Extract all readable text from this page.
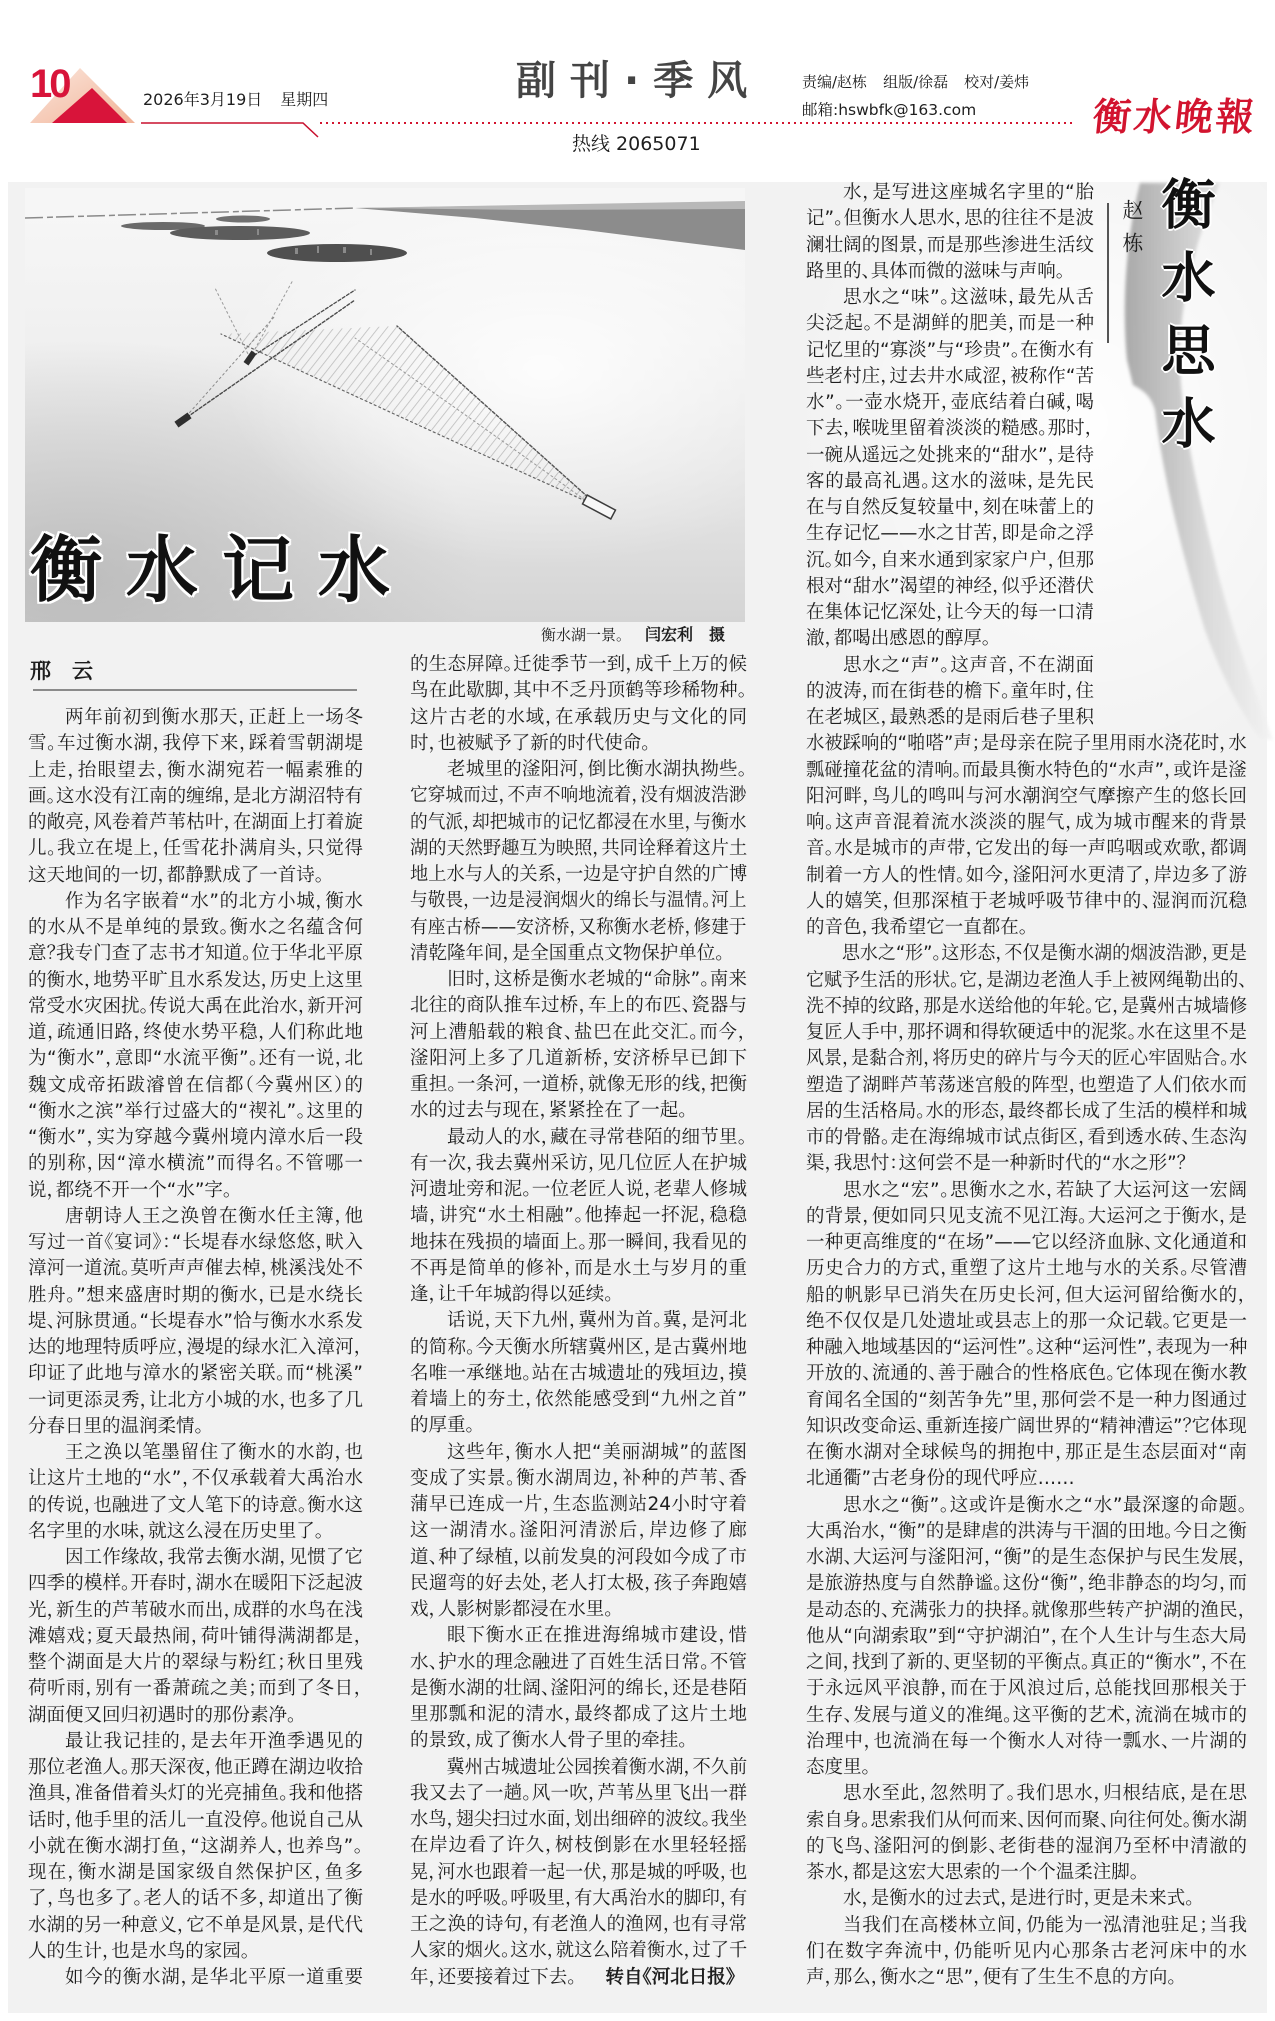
10	2026年3月19日 星期四	副刊·季风
热线 2065071
责编/赵栋 组版/徐磊 校对/姜炜
邮箱:hswbfk@163.com	衡水晚報
衡水记水
衡水湖一景。 闫宏利　摄
邢　云
两年前初到衡水那天，正赶上一场冬
雪。车过衡水湖，我停下来，踩着雪朝湖堤
上走，抬眼望去，衡水湖宛若一幅素雅的
画。这水没有江南的缠绵，是北方湖沼特有
的敞亮，风卷着芦苇枯叶，在湖面上打着旋
儿。我立在堤上，任雪花扑满肩头，只觉得
这天地间的一切，都静默成了一首诗。
作为名字嵌着“水”的北方小城，衡水
的水从不是单纯的景致。衡水之名蕴含何
意？我专门查了志书才知道。位于华北平原
的衡水，地势平旷且水系发达，历史上这里
常受水灾困扰。传说大禹在此治水，新开河
道，疏通旧路，终使水势平稳，人们称此地
为“衡水”，意即“水流平衡”。还有一说，北
魏文成帝拓跋濬曾在信都（今冀州区）的
“衡水之滨”举行过盛大的“禊礼”。这里的
“衡水”，实为穿越今冀州境内漳水后一段
的别称，因“漳水横流”而得名。不管哪一
说，都绕不开一个“水”字。
唐朝诗人王之涣曾在衡水任主簿，他
写过一首《宴词》：“长堤春水绿悠悠，畎入
漳河一道流。莫听声声催去棹，桃溪浅处不
胜舟。”想来盛唐时期的衡水，已是水绕长
堤、河脉贯通。“长堤春水”恰与衡水水系发
达的地理特质呼应，漫堤的绿水汇入漳河，
印证了此地与漳水的紧密关联。而“桃溪”
一词更添灵秀，让北方小城的水，也多了几
分春日里的温润柔情。
王之涣以笔墨留住了衡水的水韵，也
让这片土地的“水”，不仅承载着大禹治水
的传说，也融进了文人笔下的诗意。衡水这
名字里的水味，就这么浸在历史里了。
因工作缘故，我常去衡水湖，见惯了它
四季的模样。开春时，湖水在暖阳下泛起波
光，新生的芦苇破水而出，成群的水鸟在浅
滩嬉戏；夏天最热闹，荷叶铺得满湖都是，
整个湖面是大片的翠绿与粉红；秋日里残
荷听雨，别有一番萧疏之美；而到了冬日，
湖面便又回归初遇时的那份素净。
最让我记挂的，是去年开渔季遇见的
那位老渔人。那天深夜，他正蹲在湖边收拾
渔具，准备借着头灯的光亮捕鱼。我和他搭
话时，他手里的活儿一直没停。他说自己从
小就在衡水湖打鱼，“这湖养人，也养鸟”。
现在，衡水湖是国家级自然保护区，鱼多
了，鸟也多了。老人的话不多，却道出了衡
水湖的另一种意义，它不单是风景，是代代
人的生计，也是水鸟的家园。
如今的衡水湖，是华北平原一道重要
的生态屏障。迁徙季节一到，成千上万的候
鸟在此歇脚，其中不乏丹顶鹤等珍稀物种。
这片古老的水域，在承载历史与文化的同
时，也被赋予了新的时代使命。
老城里的滏阳河，倒比衡水湖执拗些。
它穿城而过，不声不响地流着，没有烟波浩渺
的气派，却把城市的记忆都浸在水里，与衡水
湖的天然野趣互为映照，共同诠释着这片土
地上水与人的关系，一边是守护自然的广博
与敬畏，一边是浸润烟火的绵长与温情。河上
有座古桥——安济桥，又称衡水老桥，修建于
清乾隆年间，是全国重点文物保护单位。
旧时，这桥是衡水老城的“命脉”。南来
北往的商队推车过桥，车上的布匹、瓷器与
河上漕船载的粮食、盐巴在此交汇。而今，
滏阳河上多了几道新桥，安济桥早已卸下
重担。一条河，一道桥，就像无形的线，把衡
水的过去与现在，紧紧拴在了一起。
最动人的水，藏在寻常巷陌的细节里。
有一次，我去冀州采访，见几位匠人在护城
河遗址旁和泥。一位老匠人说，老辈人修城
墙，讲究“水土相融”。他捧起一抔泥，稳稳
地抹在残损的墙面上。那一瞬间，我看见的
不再是简单的修补，而是水土与岁月的重
逢，让千年城韵得以延续。
话说，天下九州，冀州为首。冀，是河北
的简称。今天衡水所辖冀州区，是古冀州地
名唯一承继地。站在古城遗址的残垣边，摸
着墙上的夯土，依然能感受到“九州之首”
的厚重。
这些年，衡水人把“美丽湖城”的蓝图
变成了实景。衡水湖周边，补种的芦苇、香
蒲早已连成一片，生态监测站24小时守着
这一湖清水。滏阳河清淤后，岸边修了廊
道、种了绿植，以前发臭的河段如今成了市
民遛弯的好去处，老人打太极，孩子奔跑嬉
戏，人影树影都浸在水里。
眼下衡水正在推进海绵城市建设，惜
水、护水的理念融进了百姓生活日常。不管
是衡水湖的壮阔、滏阳河的绵长，还是巷陌
里那瓢和泥的清水，最终都成了这片土地
的景致，成了衡水人骨子里的牵挂。
冀州古城遗址公园挨着衡水湖，不久前
我又去了一趟。风一吹，芦苇丛里飞出一群
水鸟，翅尖扫过水面，划出细碎的波纹。我坐
在岸边看了许久，树枝倒影在水里轻轻摇
晃，河水也跟着一起一伏，那是城的呼吸，也
是水的呼吸。呼吸里，有大禹治水的脚印，有
王之涣的诗句，有老渔人的渔网，也有寻常
人家的烟火。这水，就这么陪着衡水，过了千
年，还要接着过下去。	转自《河北日报》
赵栋 衡水思水
水，是写进这座城名字里的“胎
记”。但衡水人思水，思的往往不是波
澜壮阔的图景，而是那些渗进生活纹
路里的、具体而微的滋味与声响。
思水之“味”。这滋味，最先从舌
尖泛起。不是湖鲜的肥美，而是一种
记忆里的“寡淡”与“珍贵”。在衡水有
些老村庄，过去井水咸涩，被称作“苦
水”。一壶水烧开，壶底结着白碱，喝
下去，喉咙里留着淡淡的糙感。那时，
一碗从遥远之处挑来的“甜水”，是待
客的最高礼遇。这水的滋味，是先民
在与自然反复较量中，刻在味蕾上的
生存记忆——水之甘苦，即是命之浮
沉。如今，自来水通到家家户户，但那
根对“甜水”渴望的神经，似乎还潜伏
在集体记忆深处，让今天的每一口清
澈，都喝出感恩的醇厚。
思水之“声”。这声音，不在湖面
的波涛，而在街巷的檐下。童年时，住
在老城区，最熟悉的是雨后巷子里积
水被踩响的“啪嗒”声；是母亲在院子里用雨水浇花时，水
瓢碰撞花盆的清响。而最具衡水特色的“水声”，或许是滏
阳河畔，鸟儿的鸣叫与河水潮润空气摩擦产生的悠长回
响。这声音混着流水淡淡的腥气，成为城市醒来的背景
音。水是城市的声带，它发出的每一声呜咽或欢歌，都调
制着一方人的性情。如今，滏阳河水更清了，岸边多了游
人的嬉笑，但那深植于老城呼吸节律中的、湿润而沉稳
的音色，我希望它一直都在。
思水之“形”。这形态，不仅是衡水湖的烟波浩渺，更是
它赋予生活的形状。它，是湖边老渔人手上被网绳勒出的、
洗不掉的纹路，那是水送给他的年轮。它，是冀州古城墙修
复匠人手中，那抔调和得软硬适中的泥浆。水在这里不是
风景，是黏合剂，将历史的碎片与今天的匠心牢固贴合。水
塑造了湖畔芦苇荡迷宫般的阵型，也塑造了人们依水而
居的生活格局。水的形态，最终都长成了生活的模样和城
市的骨骼。走在海绵城市试点街区，看到透水砖、生态沟
渠，我思忖：这何尝不是一种新时代的“水之形”？
思水之“宏”。思衡水之水，若缺了大运河这一宏阔
的背景，便如同只见支流不见江海。大运河之于衡水，是
一种更高维度的“在场”——它以经济血脉、文化通道和
历史合力的方式，重塑了这片土地与水的关系。尽管漕
船的帆影早已消失在历史长河，但大运河留给衡水的，
绝不仅仅是几处遗址或县志上的那一众记载。它更是一
种融入地域基因的“运河性”。这种“运河性”，表现为一种
开放的、流通的、善于融合的性格底色。它体现在衡水教
育闻名全国的“刻苦争先”里，那何尝不是一种力图通过
知识改变命运、重新连接广阔世界的“精神漕运”？它体现
在衡水湖对全球候鸟的拥抱中，那正是生态层面对“南
北通衢”古老身份的现代呼应……
思水之“衡”。这或许是衡水之“水”最深邃的命题。
大禹治水，“衡”的是肆虐的洪涛与干涸的田地。今日之衡
水湖、大运河与滏阳河，“衡”的是生态保护与民生发展，
是旅游热度与自然静谧。这份“衡”，绝非静态的均匀，而
是动态的、充满张力的抉择。就像那些转产护湖的渔民，
他从“向湖索取”到“守护湖泊”，在个人生计与生态大局
之间，找到了新的、更坚韧的平衡点。真正的“衡水”，不在
于永远风平浪静，而在于风浪过后，总能找回那根关于
生存、发展与道义的准绳。这平衡的艺术，流淌在城市的
治理中，也流淌在每一个衡水人对待一瓢水、一片湖的
态度里。
思水至此，忽然明了。我们思水，归根结底，是在思
索自身。思索我们从何而来、因何而聚、向往何处。衡水湖
的飞鸟、滏阳河的倒影、老街巷的湿润乃至杯中清澈的
茶水，都是这宏大思索的一个个温柔注脚。
水，是衡水的过去式，是进行时，更是未来式。
当我们在高楼林立间，仍能为一泓清池驻足；当我
们在数字奔流中，仍能听见内心那条古老河床中的水
声，那么，衡水之“思”，便有了生生不息的方向。
